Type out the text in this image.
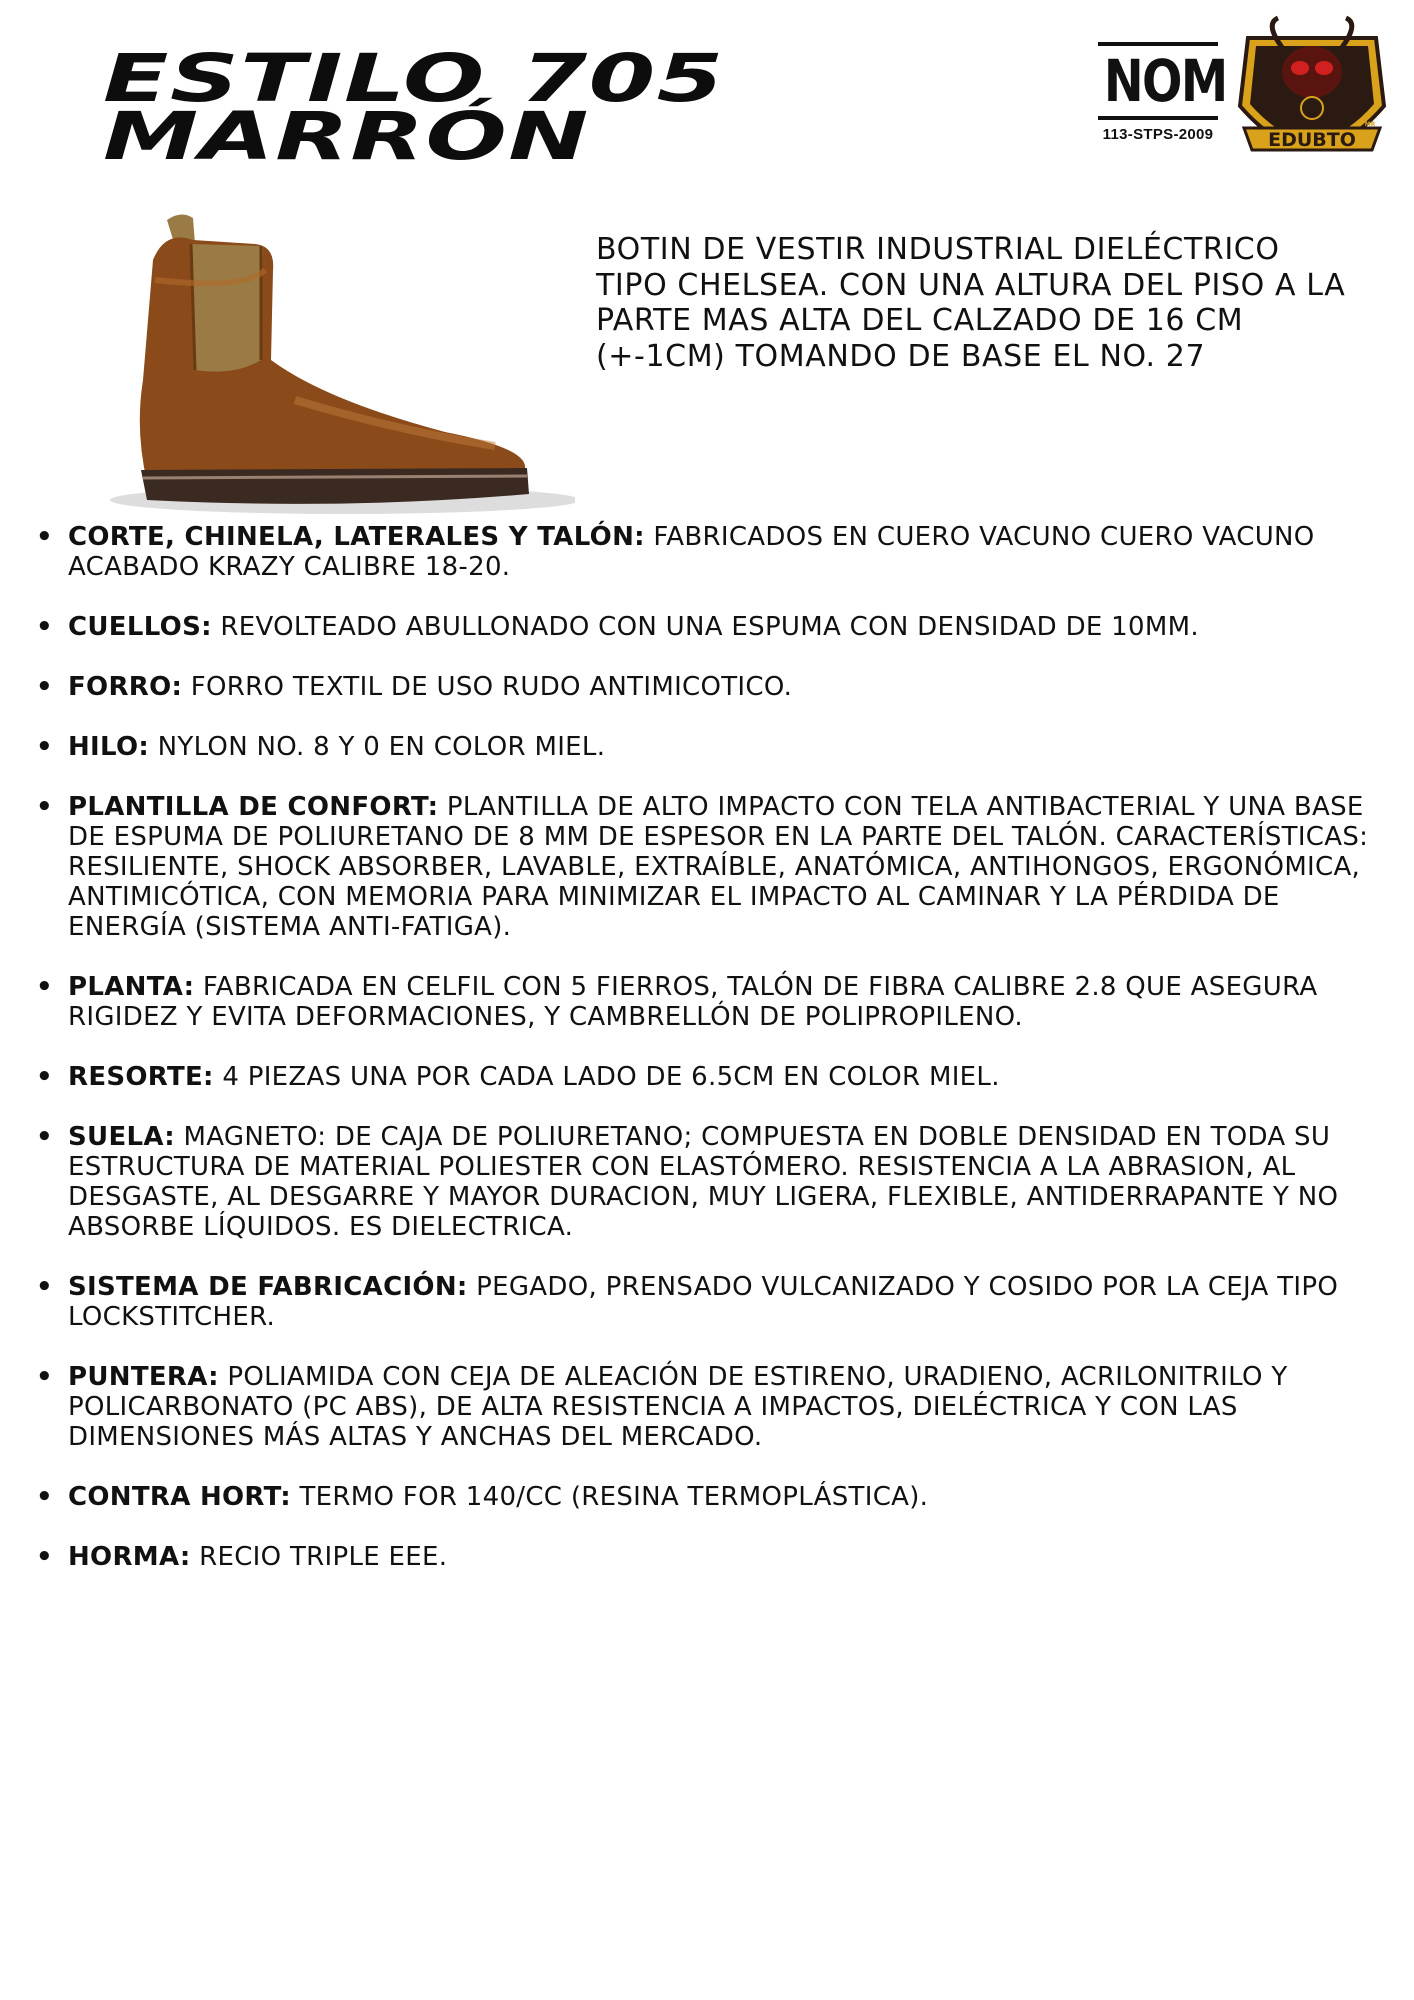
ESTILO 705
MARRÓN
NOM
113-STPS-2009	EDUBTO
MR
BOTIN DE VESTIR INDUSTRIAL DIELÉCTRICO TIPO CHELSEA. CON UNA ALTURA DEL PISO A LA PARTE MAS ALTA DEL CALZADO DE 16 CM (+-1CM) TOMANDO DE BASE EL NO. 27
• CORTE, CHINELA, LATERALES Y TALÓN: FABRICADOS EN CUERO VACUNO CUERO VACUNO ACABADO KRAZY CALIBRE 18-20.
• CUELLOS: REVOLTEADO ABULLONADO CON UNA ESPUMA CON DENSIDAD DE 10MM.
• FORRO: FORRO TEXTIL DE USO RUDO ANTIMICOTICO.
• HILO: NYLON NO. 8 Y 0 EN COLOR MIEL.
• PLANTILLA DE CONFORT: PLANTILLA DE ALTO IMPACTO CON TELA ANTIBACTERIAL Y UNA BASE DE ESPUMA DE POLIURETANO DE 8 MM DE ESPESOR EN LA PARTE DEL TALÓN. CARACTERÍSTICAS: RESILIENTE, SHOCK ABSORBER, LAVABLE, EXTRAÍBLE, ANATÓMICA, ANTIHONGOS, ERGONÓMICA, ANTIMICÓTICA, CON MEMORIA PARA MINIMIZAR EL IMPACTO AL CAMINAR Y LA PÉRDIDA DE ENERGÍA (SISTEMA ANTI-FATIGA).
• PLANTA: FABRICADA EN CELFIL CON 5 FIERROS, TALÓN DE FIBRA CALIBRE 2.8 QUE ASEGURA RIGIDEZ Y EVITA DEFORMACIONES, Y CAMBRELLÓN DE POLIPROPILENO.
• RESORTE: 4 PIEZAS UNA POR CADA LADO DE 6.5CM EN COLOR MIEL.
• SUELA: MAGNETO: DE CAJA DE POLIURETANO; COMPUESTA EN DOBLE DENSIDAD EN TODA SU ESTRUCTURA DE MATERIAL POLIESTER CON ELASTÓMERO. RESISTENCIA A LA ABRASION, AL DESGASTE, AL DESGARRE Y MAYOR DURACION, MUY LIGERA, FLEXIBLE, ANTIDERRAPANTE Y NO ABSORBE LÍQUIDOS. ES DIELECTRICA.
• SISTEMA DE FABRICACIÓN: PEGADO, PRENSADO VULCANIZADO Y COSIDO POR LA CEJA TIPO LOCKSTITCHER.
• PUNTERA: POLIAMIDA CON CEJA DE ALEACIÓN DE ESTIRENO, URADIENO, ACRILONITRILO Y POLICARBONATO (PC ABS), DE ALTA RESISTENCIA A IMPACTOS, DIELÉCTRICA Y CON LAS DIMENSIONES MÁS ALTAS Y ANCHAS DEL MERCADO.
• CONTRA HORT: TERMO FOR 140/CC (RESINA TERMOPLÁSTICA).
• HORMA: RECIO TRIPLE EEE.
